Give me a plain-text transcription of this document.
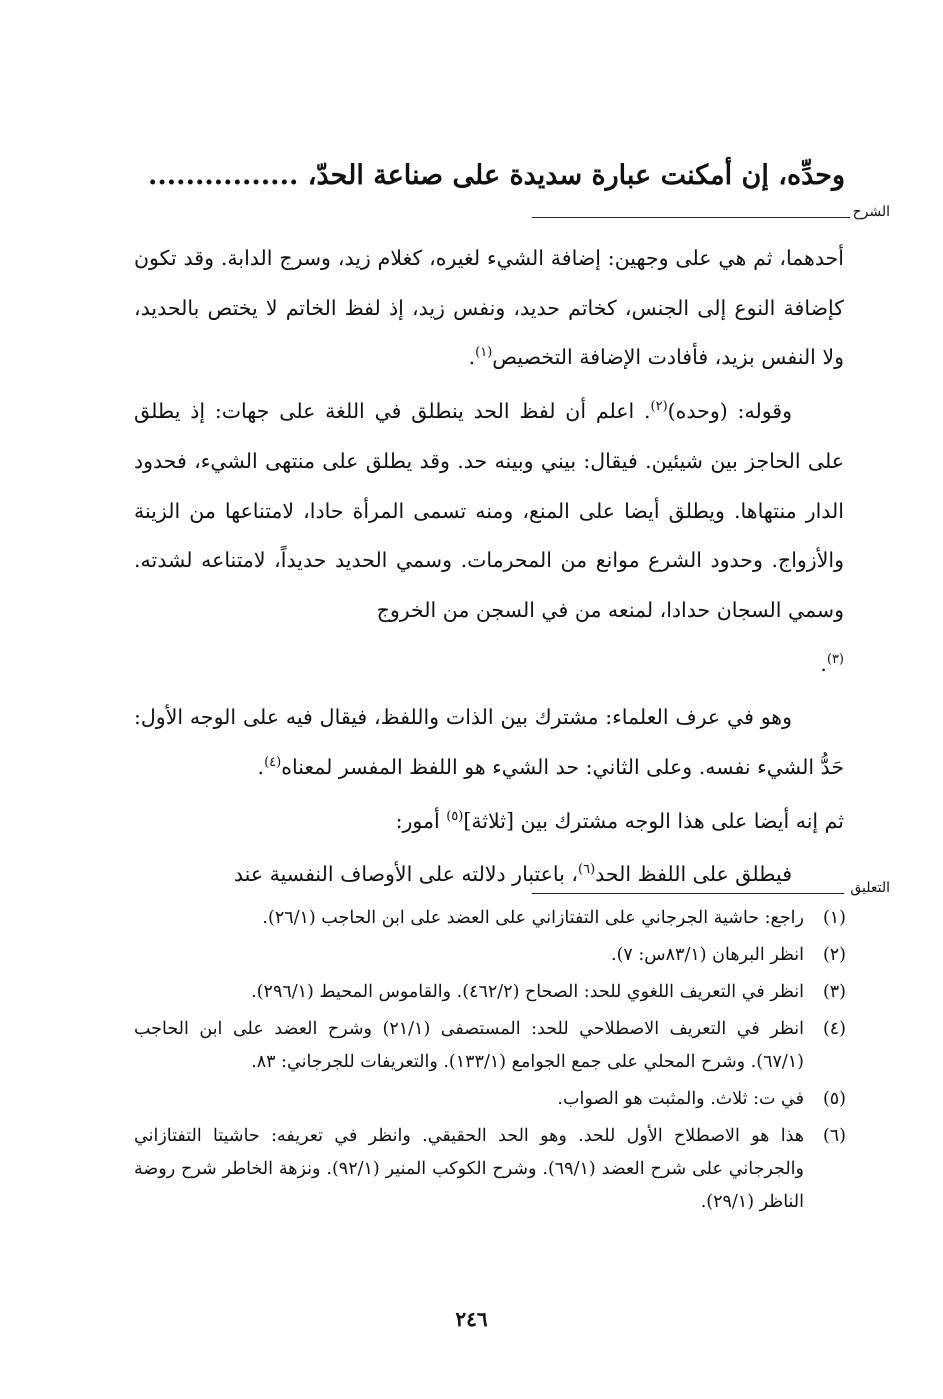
وحدِّه، إن أمكنت عبارة سديدة على صناعة الحدّ، ................
الشرح

أحدهما، ثم هي على وجهين: إضافة الشيء لغيره، كغلام زيد، وسرج الدابة. وقد تكون كإضافة النوع إلى الجنس، كخاتم حديد، ونفس زيد، إذ لفظ الخاتم لا يختص بالحديد، ولا النفس بزيد، فأفادت الإضافة التخصيص$^{(١)}$.

وقوله: (وحده)$^{(٢)}$. اعلم أن لفظ الحد ينطلق في اللغة على جهات: إذ يطلق على الحاجز بين شيئين. فيقال: بيني وبينه حد. وقد يطلق على منتهى الشيء، فحدود الدار منتهاها. ويطلق أيضا على المنع، ومنه تسمى المرأة حادا، لامتناعها من الزينة والأزواج. وحدود الشرع موانع من المحرمات. وسمي الحديد حديداً، لامتناعه لشدته. وسمي السجان حدادا، لمنعه من في السجن من الخروج

$^{(٣)}$.

وهو في عرف العلماء: مشترك بين الذات واللفظ، فيقال فيه على الوجه الأول: حَدُّ الشيء نفسه. وعلى الثاني: حد الشيء هو اللفظ المفسر لمعناه$^{(٤)}$.

ثم إنه أيضا على هذا الوجه مشترك بين [ثلاثة]$^{(٥)}$ أمور:

فيطلق على اللفظ الحد$^{(٦)}$، باعتبار دلالته على الأوصاف النفسية عند

التعليق
(١)
راجع: حاشية الجرجاني على التفتازاني على العضد على ابن الحاجب (٢٦/١).
(٢)
انظر البرهان (٨٣/١س: ٧).
(٣)
انظر في التعريف اللغوي للحد: الصحاح (٤٦٢/٢). والقاموس المحيط (٢٩٦/١).
(٤)
انظر في التعريف الاصطلاحي للحد: المستصفى (٢١/١) وشرح العضد على ابن الحاجب (٦٧/١). وشرح المحلي على جمع الجوامع (١٣٣/١). والتعريفات للجرجاني: ٨٣.
(٥)
في ت: ثلاث. والمثبت هو الصواب.
(٦)
هذا هو الاصطلاح الأول للحد. وهو الحد الحقيقي. وانظر في تعريفه: حاشيتا التفتازاني والجرجاني على شرح العضد (٦٩/١). وشرح الكوكب المنير (٩٢/١). ونزهة الخاطر شرح روضة الناظر (٢٩/١).
٢٤٦
